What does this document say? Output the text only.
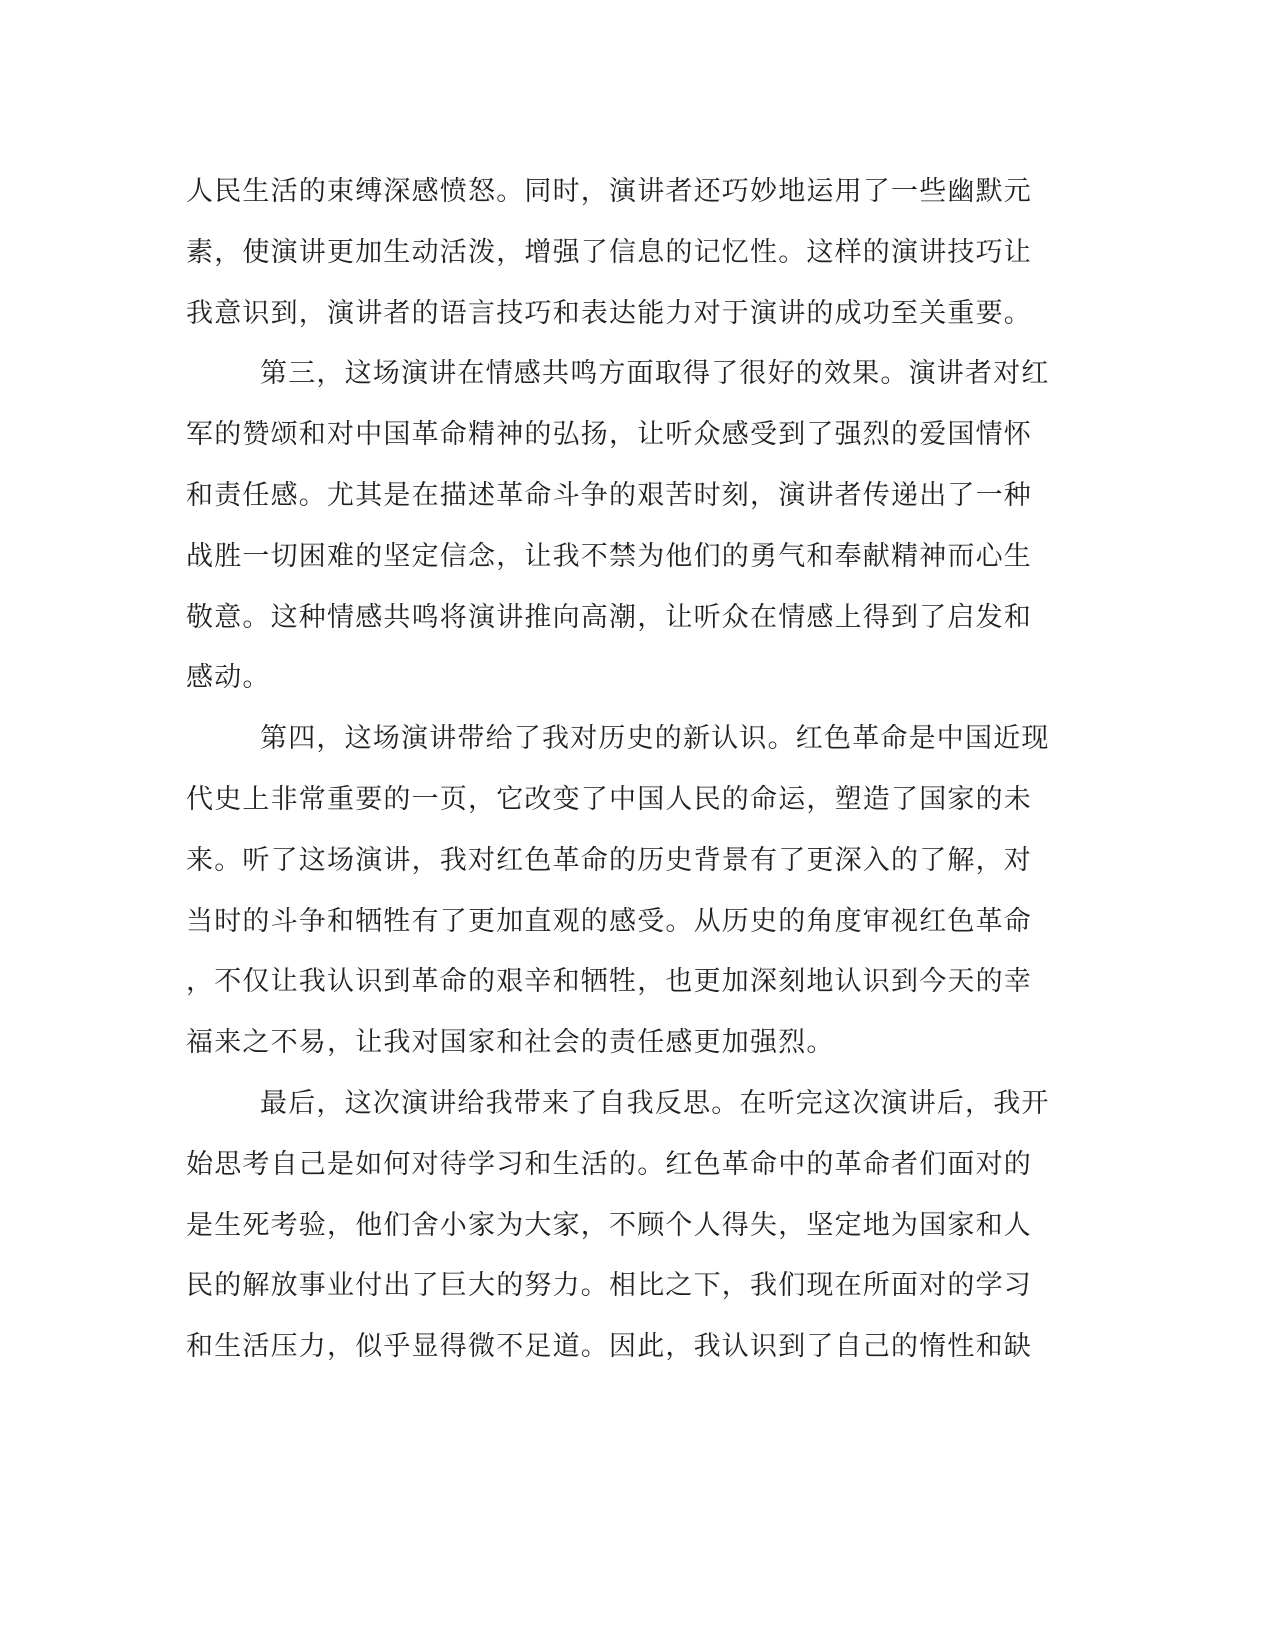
人民生活的束缚深感愤怒。同时，演讲者还巧妙地运用了一些幽默元
素，使演讲更加生动活泼，增强了信息的记忆性。这样的演讲技巧让
我意识到，演讲者的语言技巧和表达能力对于演讲的成功至关重要。
第三，这场演讲在情感共鸣方面取得了很好的效果。演讲者对红
军的赞颂和对中国革命精神的弘扬，让听众感受到了强烈的爱国情怀
和责任感。尤其是在描述革命斗争的艰苦时刻，演讲者传递出了一种
战胜一切困难的坚定信念，让我不禁为他们的勇气和奉献精神而心生
敬意。这种情感共鸣将演讲推向高潮，让听众在情感上得到了启发和
感动。
第四，这场演讲带给了我对历史的新认识。红色革命是中国近现
代史上非常重要的一页，它改变了中国人民的命运，塑造了国家的未
来。听了这场演讲，我对红色革命的历史背景有了更深入的了解，对
当时的斗争和牺牲有了更加直观的感受。从历史的角度审视红色革命
，不仅让我认识到革命的艰辛和牺牲，也更加深刻地认识到今天的幸
福来之不易，让我对国家和社会的责任感更加强烈。
最后，这次演讲给我带来了自我反思。在听完这次演讲后，我开
始思考自己是如何对待学习和生活的。红色革命中的革命者们面对的
是生死考验，他们舍小家为大家，不顾个人得失，坚定地为国家和人
民的解放事业付出了巨大的努力。相比之下，我们现在所面对的学习
和生活压力，似乎显得微不足道。因此，我认识到了自己的惰性和缺
